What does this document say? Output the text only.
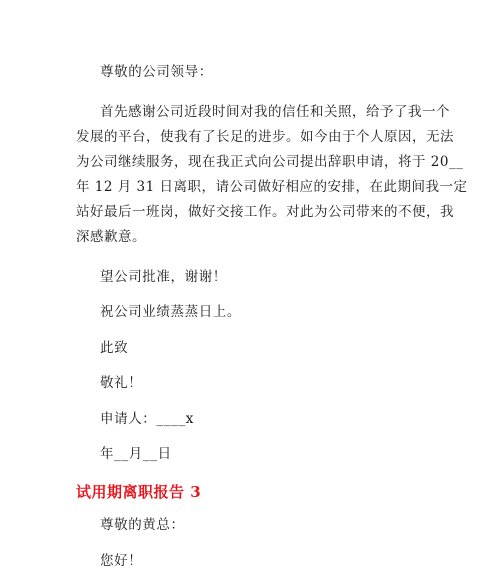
尊敬的公司领导：
首先感谢公司近段时间对我的信任和关照，给予了我一个
发展的平台，使我有了长足的进步。如今由于个人原因，无法
为公司继续服务，现在我正式向公司提出辞职申请，将于 20__
年 12 月 31 日离职，请公司做好相应的安排，在此期间我一定
站好最后一班岗，做好交接工作。对此为公司带来的不便，我
深感歉意。
望公司批准，谢谢！
祝公司业绩蒸蒸日上。
此致
敬礼！
申请人：____x
年__月__日
试用期离职报告 3
尊敬的黄总：
您好！
